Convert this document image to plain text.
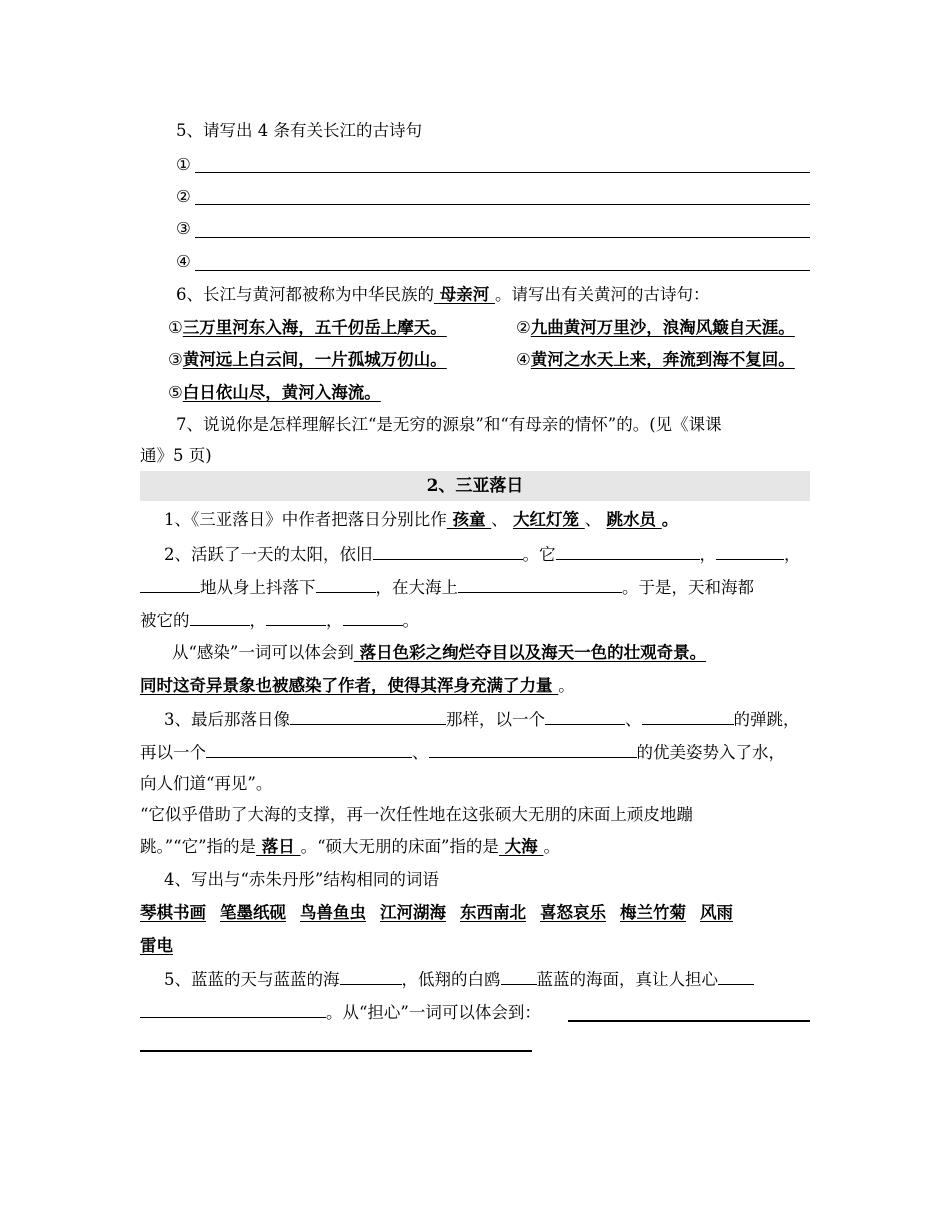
5、请写出 4 条有关长江的古诗句
①
②
③
④
6、长江与黄河都被称为中华民族的 母亲河 。请写出有关黄河的古诗句：
①三万里河东入海，五千仞岳上摩天。	②九曲黄河万里沙，浪淘风簸自天涯。
③黄河远上白云间，一片孤城万仞山。	④黄河之水天上来，奔流到海不复回。
⑤白日依山尽，黄河入海流。
7、说说你是怎样理解长江“是无穷的源泉”和“有母亲的情怀”的。(见《课课
通》5 页)
2、三亚落日
1、《三亚落日》中作者把落日分别比作 孩童 、 大红灯笼 、 跳水员 。
2、活跃了一天的太阳，依旧	。它	，	，
地从身上抖落下	，在大海上	。于是，天和海都
被它的	，	，	。
从“感染”一词可以体会到 落日色彩之绚烂夺目以及海天一色的壮观奇景。
同时这奇异景象也被感染了作者，使得其浑身充满了力量 。
3、最后那落日像	那样，以一个	、	的弹跳，
再以一个	、	的优美姿势入了水，
向人们道“再见”。
“它似乎借助了大海的支撑，再一次任性地在这张硕大无朋的床面上顽皮地蹦
跳。”“它”指的是 落日 。“硕大无朋的床面”指的是 大海 。
4、写出与“赤朱丹彤”结构相同的词语
琴棋书画 笔墨纸砚 鸟兽鱼虫 江河湖海 东西南北 喜怒哀乐 梅兰竹菊 风雨
雷电
5、蓝蓝的天与蓝蓝的海	，低翔的白鸥 蓝蓝的海面，真让人担心
。从“担心”一词可以体会到：
